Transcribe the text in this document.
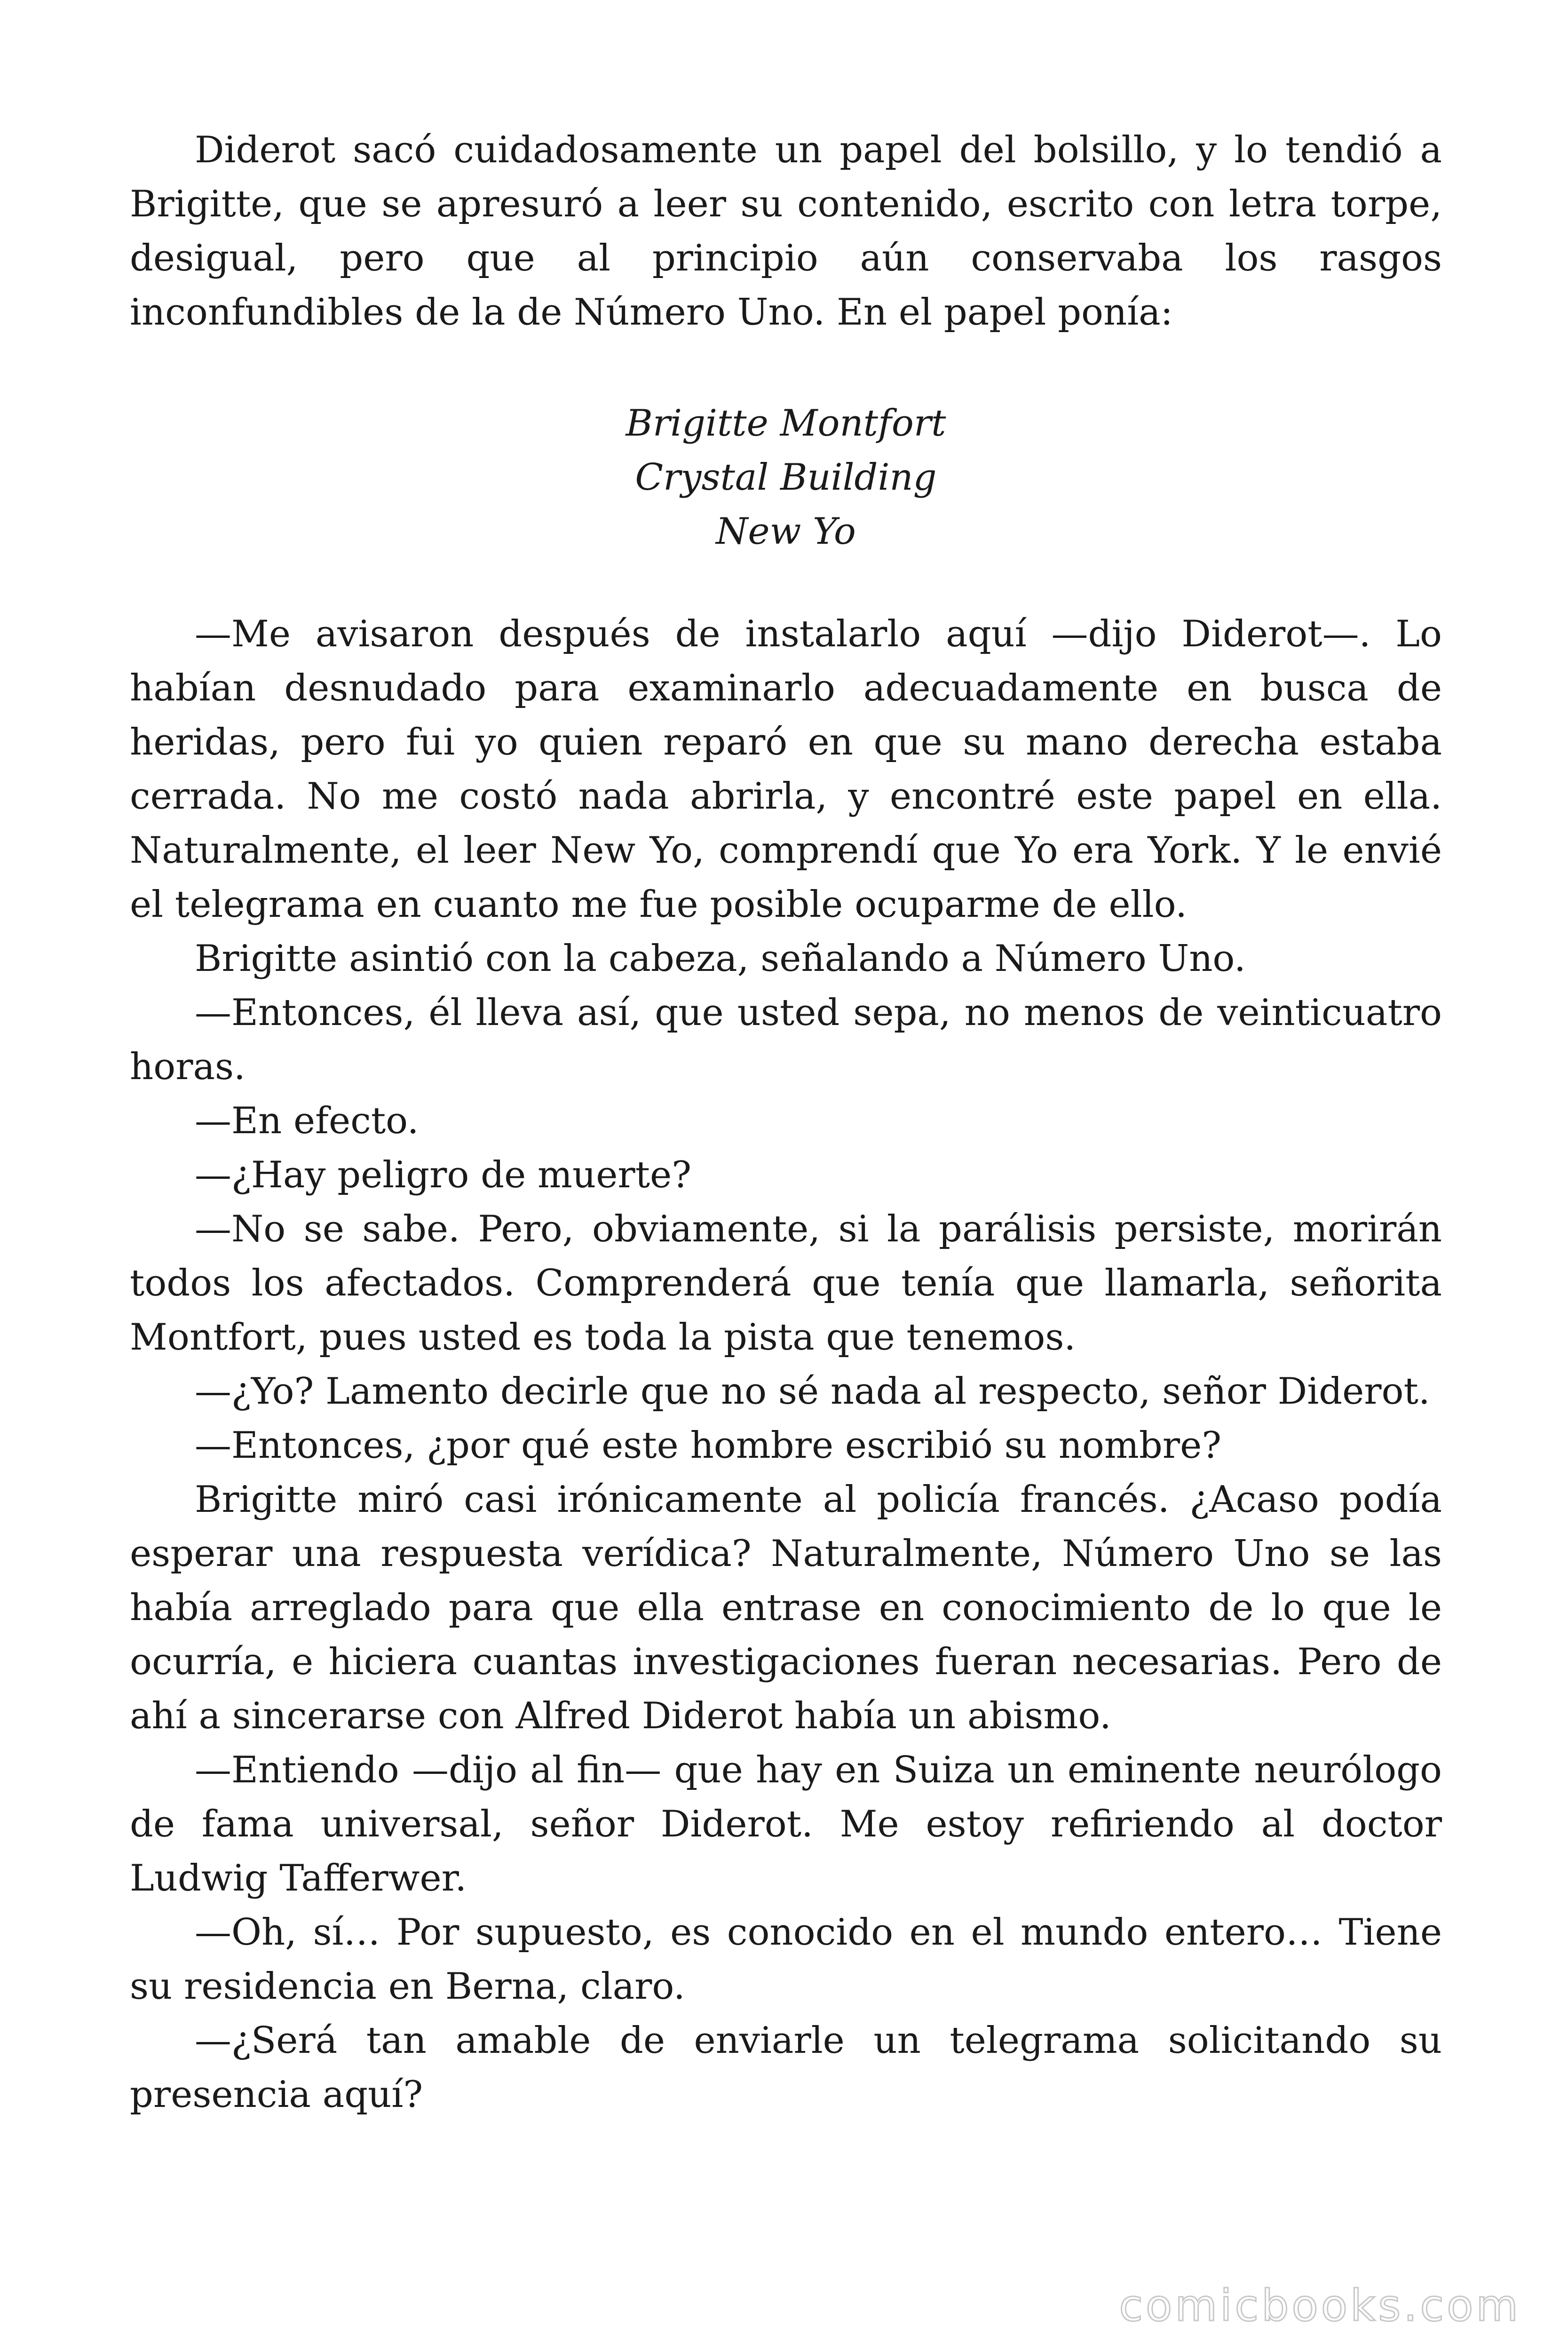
Diderot sacó cuidadosamente un papel del bolsillo, y lo tendió a Brigitte, que se apresuró a leer su contenido, escrito con letra torpe, desigual, pero que al principio aún conservaba los rasgos inconfundibles de la de Número Uno. En el papel ponía:

Brigitte Montfort
Crystal Building
New Yo

—Me avisaron después de instalarlo aquí —dijo Diderot—. Lo habían desnudado para examinarlo adecuadamente en busca de heridas, pero fui yo quien reparó en que su mano derecha estaba cerrada. No me costó nada abrirla, y encontré este papel en ella. Naturalmente, el leer New Yo, comprendí que Yo era York. Y le envié el telegrama en cuanto me fue posible ocuparme de ello.

Brigitte asintió con la cabeza, señalando a Número Uno.

—Entonces, él lleva así, que usted sepa, no menos de veinticuatro horas.

—En efecto.

—¿Hay peligro de muerte?

—No se sabe. Pero, obviamente, si la parálisis persiste, morirán todos los afectados. Comprenderá que tenía que llamarla, señorita Montfort, pues usted es toda la pista que tenemos.

—¿Yo? Lamento decirle que no sé nada al respecto, señor Diderot.

—Entonces, ¿por qué este hombre escribió su nombre?

Brigitte miró casi irónicamente al policía francés. ¿Acaso podía esperar una respuesta verídica? Naturalmente, Número Uno se las había arreglado para que ella entrase en conocimiento de lo que le ocurría, e hiciera cuantas investigaciones fueran necesarias. Pero de ahí a sincerarse con Alfred Diderot había un abismo.

—Entiendo —dijo al fin— que hay en Suiza un eminente neurólogo de fama universal, señor Diderot. Me estoy refiriendo al doctor Ludwig Tafferwer.

—Oh, sí… Por supuesto, es conocido en el mundo entero… Tiene su residencia en Berna, claro.

—¿Será tan amable de enviarle un telegrama solicitando su presencia aquí?

comicbooks.com
